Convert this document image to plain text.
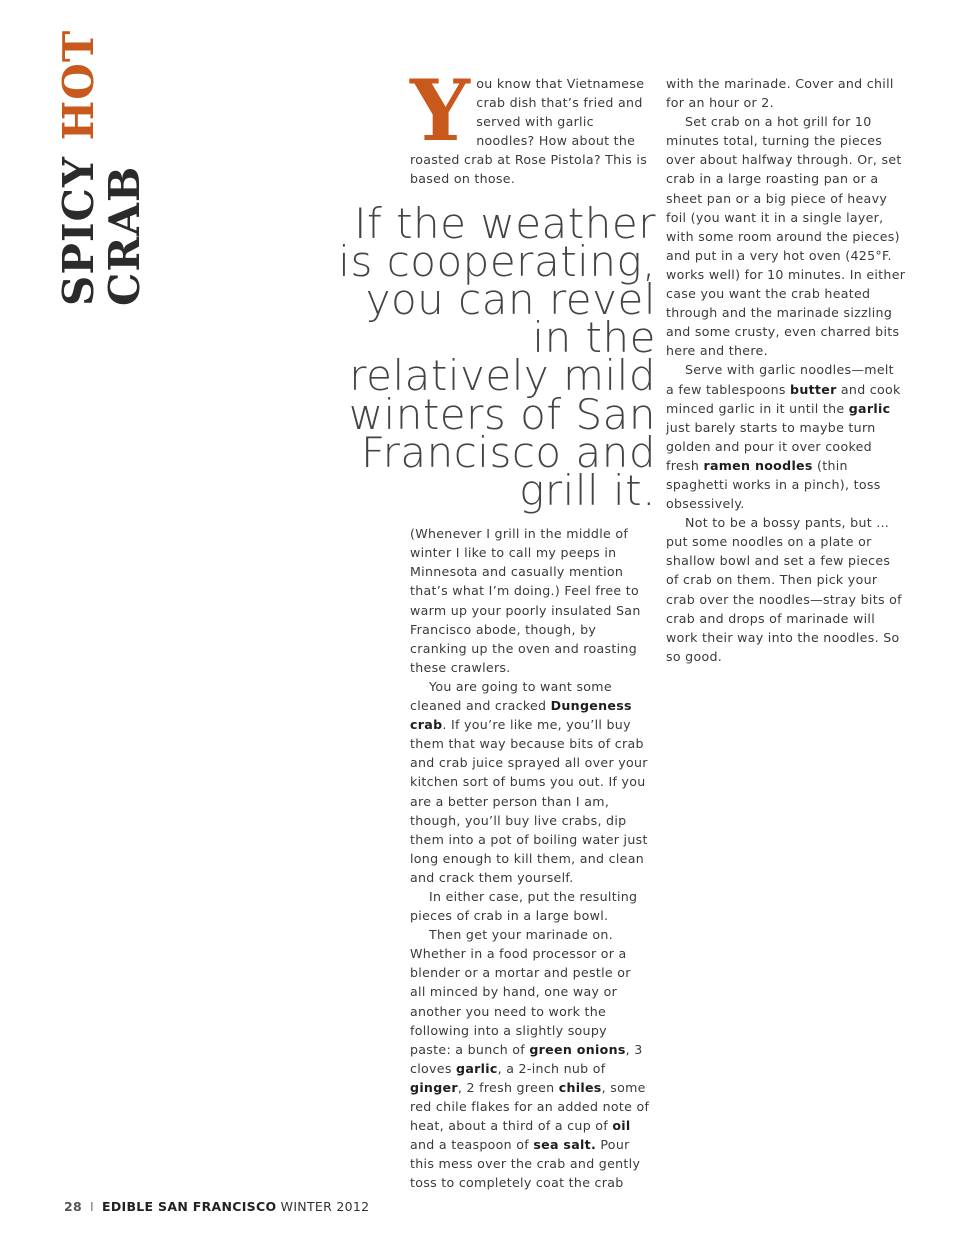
SPICY HOT
CRAB

You know that Vietnamese crab dish that’s fried and served with garlic noodles? How about the roasted crab at Rose Pistola? This is based on those.

If the weather is cooperating, you can revel in the relatively mild winters of San Francisco and grill it.

(Whenever I grill in the middle of winter I like to call my peeps in Minnesota and casually mention that’s what I’m doing.) Feel free to warm up your poorly insulated San Francisco abode, though, by cranking up the oven and roasting these crawlers.

You are going to want some cleaned and cracked Dungeness crab. If you’re like me, you’ll buy them that way because bits of crab and crab juice sprayed all over your kitchen sort of bums you out. If you are a better person than I am, though, you’ll buy live crabs, dip them into a pot of boiling water just long enough to kill them, and clean and crack them yourself.

In either case, put the resulting pieces of crab in a large bowl.

Then get your marinade on. Whether in a food processor or a blender or a mortar and pestle or all minced by hand, one way or another you need to work the following into a slightly soupy paste: a bunch of green onions, 3 cloves garlic, a 2-inch nub of ginger, 2 fresh green chiles, some red chile flakes for an added note of heat, about a third of a cup of oil and a teaspoon of sea salt. Pour this mess over the crab and gently toss to completely coat the crab

with the marinade. Cover and chill for an hour or 2.

Set crab on a hot grill for 10 minutes total, turning the pieces over about halfway through. Or, set crab in a large roasting pan or a sheet pan or a big piece of heavy foil (you want it in a single layer, with some room around the pieces) and put in a very hot oven (425°F. works well) for 10 minutes. In either case you want the crab heated through and the marinade sizzling and some crusty, even charred bits here and there.

Serve with garlic noodles—melt a few tablespoons butter and cook minced garlic in it until the garlic just barely starts to maybe turn golden and pour it over cooked fresh ramen noodles (thin spaghetti works in a pinch), toss obsessively.

Not to be a bossy pants, but … put some noodles on a plate or shallow bowl and set a few pieces of crab on them. Then pick your crab over the noodles—stray bits of crab and drops of marinade will work their way into the noodles. So so good.

28 I EDIBLE SAN FRANCISCO WINTER 2012
